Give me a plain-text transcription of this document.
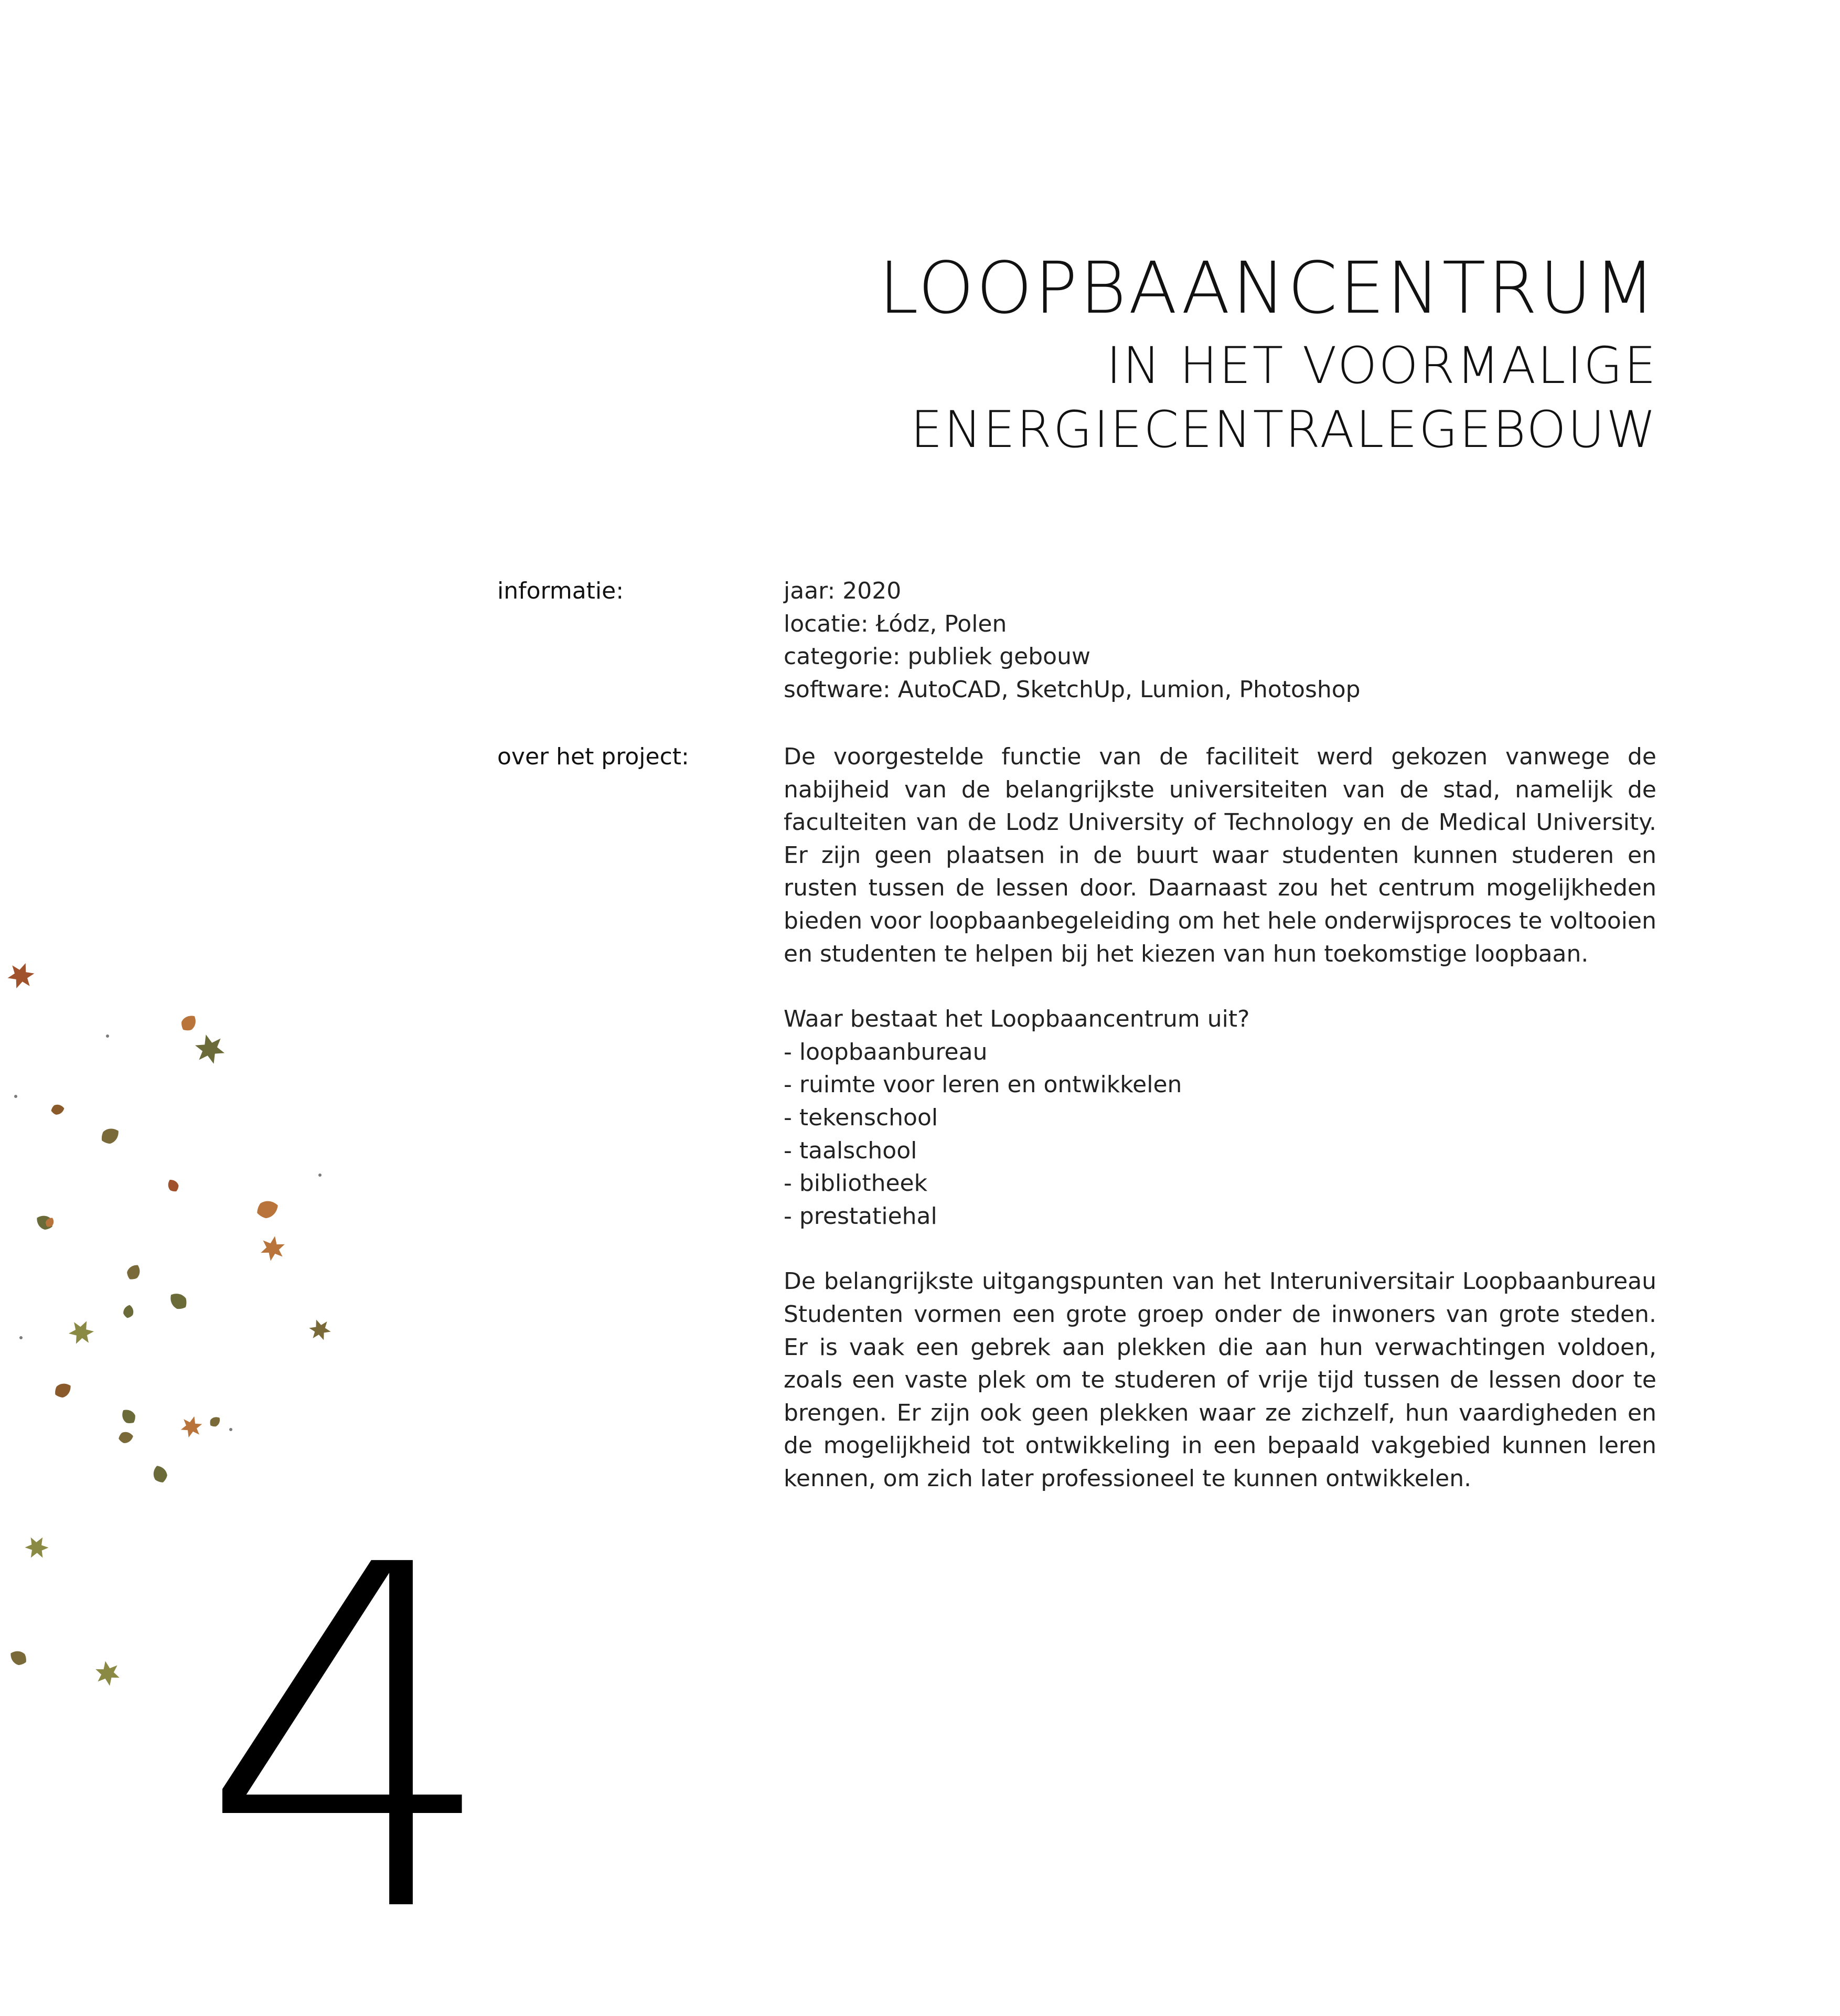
LOOPBAANCENTRUM
IN HET VOORMALIGE
ENERGIECENTRALEGEBOUW
informatie:	jaar: 2020

locatie: Łódz, Polen

categorie: publiek gebouw

software: AutoCAD, SketchUp, Lumion, Photoshop

over het project:	De voorgestelde functie van de faciliteit werd gekozen vanwege de nabijheid van de belangrijkste universiteiten van de stad, namelijk de faculteiten van de Lodz University of Technology en de Medical University. Er zijn geen plaatsen in de buurt waar studenten kunnen studeren en rusten tussen de lessen door. Daarnaast zou het centrum mogelijkheden bieden voor loopbaanbegeleiding om het hele onderwijsproces te voltooien en studenten te helpen bij het kiezen van hun toekomstige loopbaan.

Waar bestaat het Loopbaancentrum uit?

- loopbaanbureau

- ruimte voor leren en ontwikkelen

- tekenschool

- taalschool

- bibliotheek

- prestatiehal

De belangrijkste uitgangspunten van het Interuniversitair Loopbaanbureau

Studenten vormen een grote groep onder de inwoners van grote steden. Er is vaak een gebrek aan plekken die aan hun verwachtingen voldoen, zoals een vaste plek om te studeren of vrije tijd tussen de lessen door te brengen. Er zijn ook geen plekken waar ze zichzelf, hun vaardigheden en de mogelijkheid tot ontwikkeling in een bepaald vakgebied kunnen leren kennen, om zich later professioneel te kunnen ontwikkelen.

4
